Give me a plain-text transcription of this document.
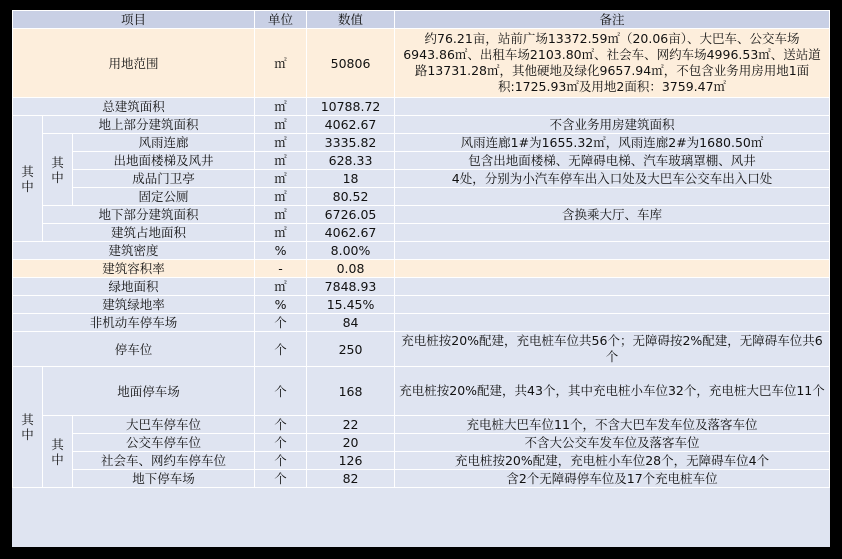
项目			单位	数值	备注
用地范围			㎡	50806	约76.21亩，站前广场13372.59㎡（20.06亩）、大巴车、公交车场6943.86㎡、出租车场2103.80㎡、社会车、网约车场4996.53㎡、送站道路13731.28㎡，其他硬地及绿化9657.94㎡，不包含业务用房用地1面积:1725.93㎡及用地2面积：3759.47㎡
总建筑面积			㎡	10788.72	
其中	地上部分建筑面积		㎡	4062.67	不含业务用房建筑面积
	其中	风雨连廊	㎡	3335.82	风雨连廊1#为1655.32㎡，风雨连廊2#为1680.50㎡
		出地面楼梯及风井	㎡	628.33	包含出地面楼梯、无障碍电梯、汽车玻璃罩棚、风井
		成品门卫亭	㎡	18	4处，分别为小汽车停车出入口处及大巴车公交车出入口处
		固定公厕	㎡	80.52	
	地下部分建筑面积		㎡	6726.05	含换乘大厅、车库
	建筑占地面积		㎡	4062.67	
建筑密度			%	8.00%	
建筑容积率			-	0.08	
绿地面积			㎡	7848.93	
建筑绿地率			%	15.45%	
非机动车停车场			个	84	
停车位			个	250	充电桩按20%配建，充电桩车位共56个；无障碍按2%配建，无障碍车位共6个
其中	地面停车场		个	168	充电桩按20%配建，共43个，其中充电桩小车位32个，充电桩大巴车位11个
	其中	大巴车停车位	个	22	充电桩大巴车位11个，不含大巴车发车位及落客车位
		公交车停车位	个	20	不含大公交车发车位及落客车位
		社会车、网约车停车位	个	126	充电桩按20%配建，充电桩小车位28个，无障碍车位4个
		地下停车场	个	82	含2个无障碍停车位及17个充电桩车位
